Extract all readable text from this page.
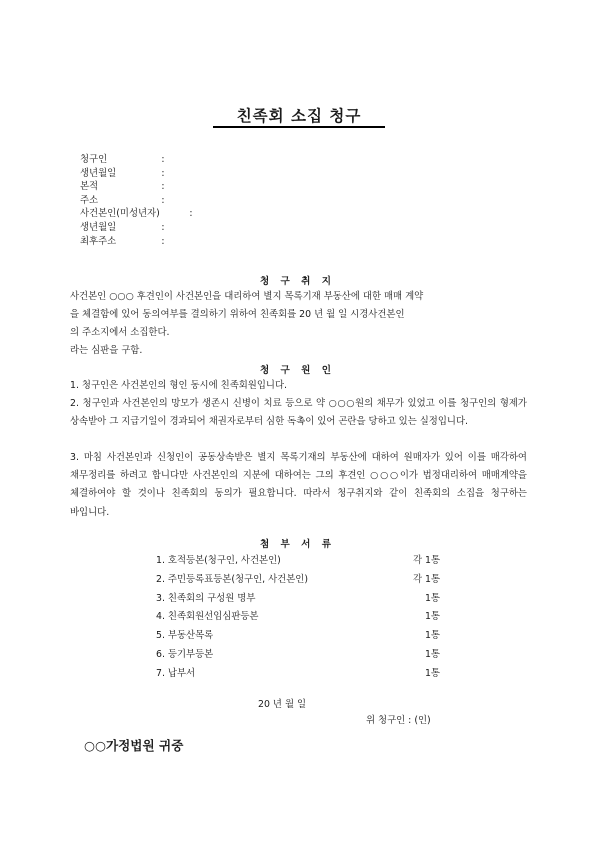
친족회 소집 청구
청구인	:
생년월일	:
본적	:
주소	:
사건본인(미성년자)	:
생년월일	:
최후주소	:
청 구 취 지
사건본인 ○○○ 후견인이 사건본인을 대리하여 별지 목록기재 부동산에 대한 매매 계약
을 체결함에 있어 동의여부를 결의하기 위하여 친족회를 20 년 월 일 시경사건본인
의 주소지에서 소집한다.
라는 심판을 구함.
청 구 원 인
1. 청구인은 사건본인의 형인 동시에 친족회원입니다.
2. 청구인과 사건본인의 망모가 생존시 신병이 치료 등으로 약 ○○○원의 채무가 있었고 이를 청구인의 형제가 상속받아 그 지급기일이 경과되어 채권자로부터 심한 독촉이 있어 곤란을 당하고 있는 실정입니다.
3. 마침 사건본인과 신청인이 공동상속받은 별지 목록기재의 부동산에 대하여 원매자가 있어 이를 매각하여 채무정리를 하려고 합니다만 사건본인의 지분에 대하여는 그의 후견인 ○○○이가 법정대리하여 매매계약을 체결하여야 할 것이나 친족회의 동의가 필요합니다. 따라서 청구취지와 같이 친족회의 소집을 청구하는 바입니다.
첨 부 서 류
1. 호적등본(청구인, 사건본인)	각 1통
2. 주민등록표등본(청구인, 사건본인)	각 1통
3. 친족회의 구성원 명부	1통
4. 친족회원선임심판등본	1통
5. 부동산목록	1통
6. 등기부등본	1통
7. 납부서	1통
20 년 월 일
위 청구인 : (인)
○○가정법원 귀중
